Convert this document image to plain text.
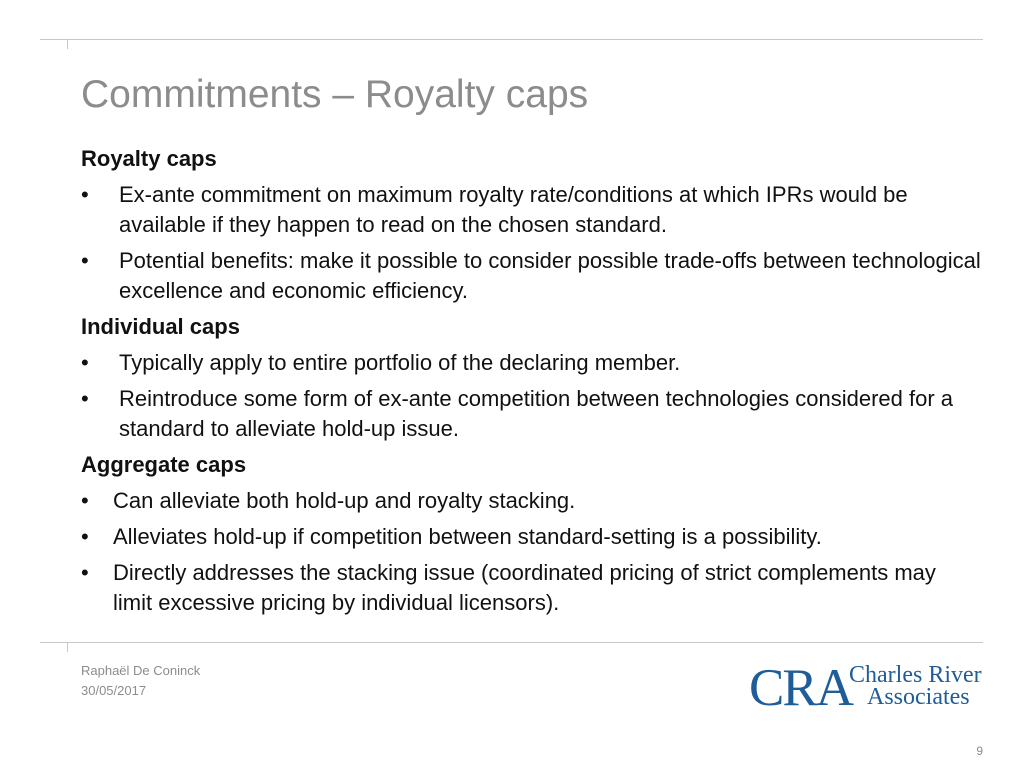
Commitments – Royalty caps
Royalty caps
• Ex-ante commitment on maximum royalty rate/conditions at which IPRs would be available if they happen to read on the chosen standard.
• Potential benefits: make it possible to consider possible trade-offs between technological excellence and economic efficiency.
Individual caps
• Typically apply to entire portfolio of the declaring member.
• Reintroduce some form of ex-ante competition between technologies considered for a standard to alleviate hold-up issue.
Aggregate caps
• Can alleviate both hold-up and royalty stacking.
• Alleviates hold-up if competition between standard-setting is a possibility.
• Directly addresses the stacking issue (coordinated pricing of strict complements may limit excessive pricing by individual licensors).
Raphaël De Coninck
30/05/2017	CRA
Charles River
Associates
9
